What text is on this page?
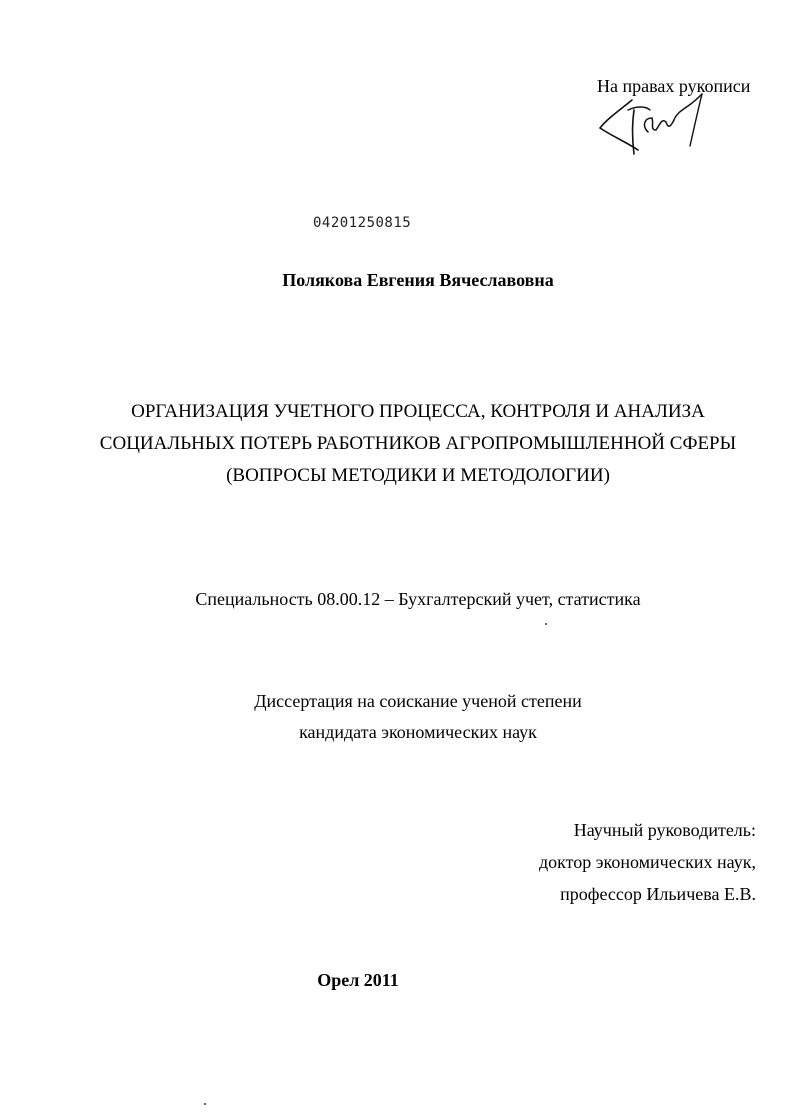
На правах рукописи
04201250815
Полякова Евгения Вячеславовна
ОРГАНИЗАЦИЯ УЧЕТНОГО ПРОЦЕССА, КОНТРОЛЯ И АНАЛИЗА
СОЦИАЛЬНЫХ ПОТЕРЬ РАБОТНИКОВ АГРОПРОМЫШЛЕННОЙ СФЕРЫ
(ВОПРОСЫ МЕТОДИКИ И МЕТОДОЛОГИИ)
Специальность 08.00.12 – Бухгалтерский учет, статистика
Диссертация на соискание ученой степени
кандидата экономических наук
Научный руководитель:
доктор экономических наук,
профессор Ильичева Е.В.
Орел 2011
